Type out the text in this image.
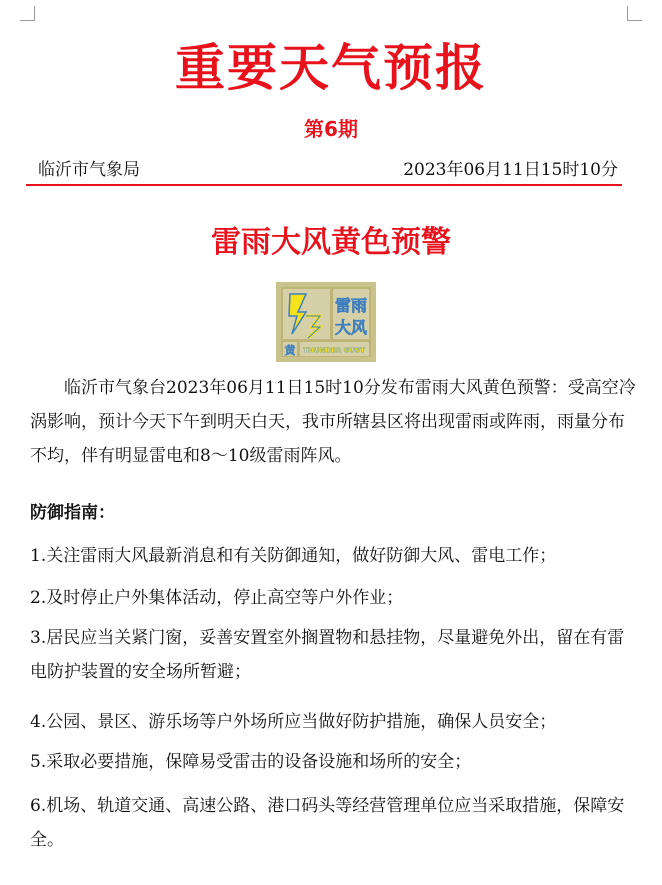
重要天气预报
第6期
临沂市气象局	2023年06月11日15时10分
雷雨大风黄色预警
雷雨
大风
黄 THUNDER GUST
临沂市气象台2023年06月11日15时10分发布雷雨大风黄色预警：受高空冷涡影响，预计今天下午到明天白天，我市所辖县区将出现雷雨或阵雨，雨量分布不均，伴有明显雷电和8～10级雷雨阵风。
防御指南：
1.关注雷雨大风最新消息和有关防御通知，做好防御大风、雷电工作；
2.及时停止户外集体活动，停止高空等户外作业；
3.居民应当关紧门窗，妥善安置室外搁置物和悬挂物，尽量避免外出，留在有雷电防护装置的安全场所暂避；
4.公园、景区、游乐场等户外场所应当做好防护措施，确保人员安全；
5.采取必要措施，保障易受雷击的设备设施和场所的安全；
6.机场、轨道交通、高速公路、港口码头等经营管理单位应当采取措施，保障安全。
